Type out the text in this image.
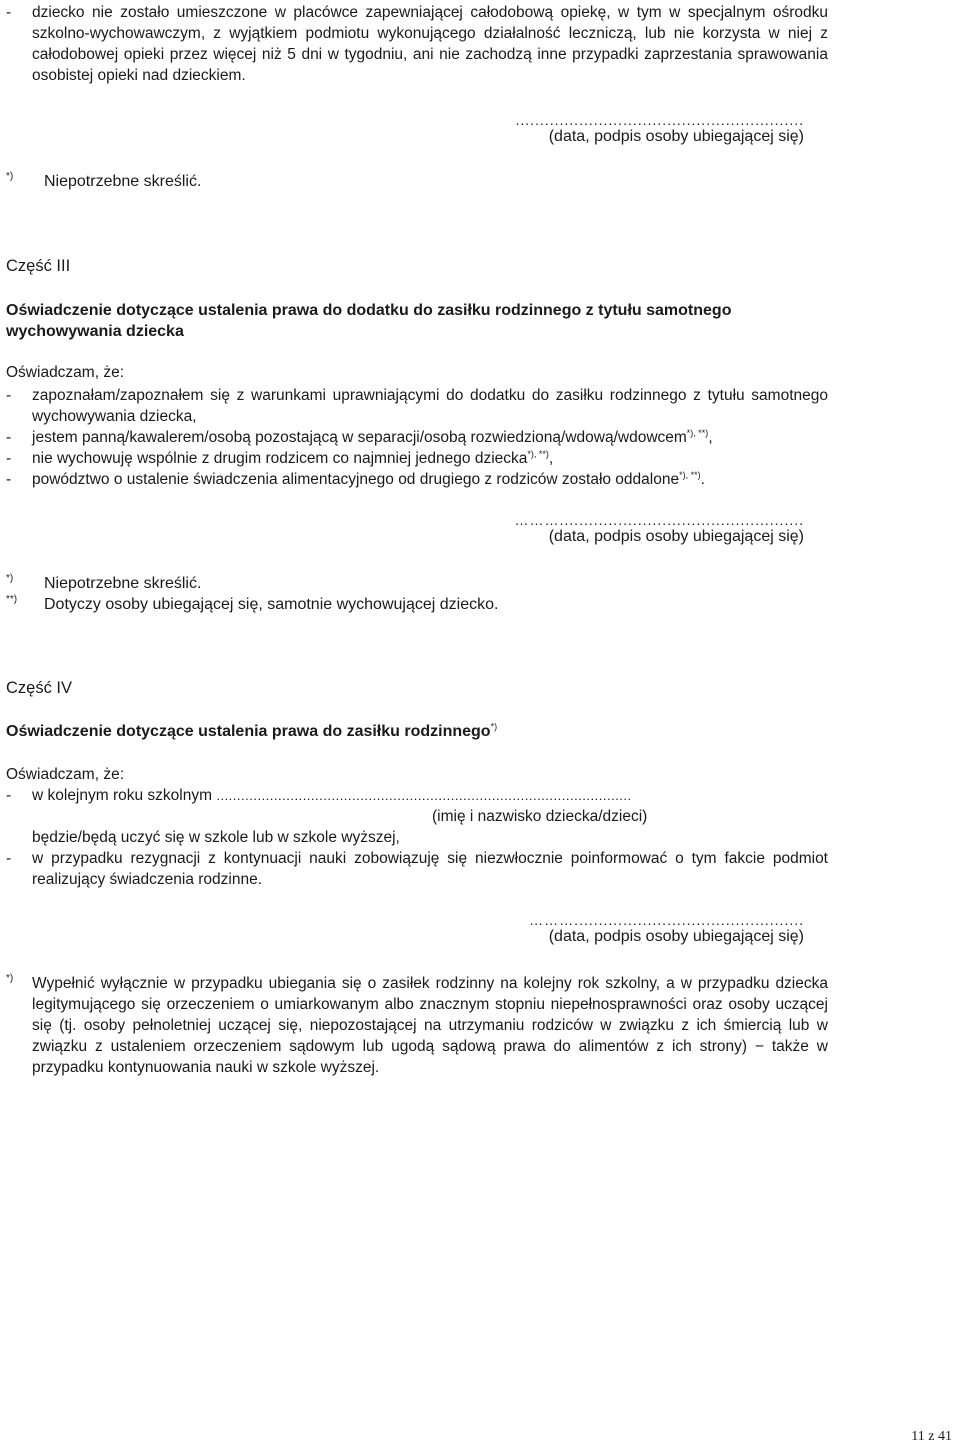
- dziecko nie zostało umieszczone w placówce zapewniającej całodobową opiekę, w tym w specjalnym ośrodku szkolno-wychowawczym, z wyjątkiem podmiotu wykonującego działalność leczniczą, lub nie korzysta w niej z całodobowej opieki przez więcej niż 5 dni w tygodniu, ani nie zachodzą inne przypadki zaprzestania sprawowania osobistej opieki nad dzieckiem.
...........................................................
(data, podpis osoby ubiegającej się)
*) Niepotrzebne skreślić.
Część III
Oświadczenie dotyczące ustalenia prawa do dodatku do zasiłku rodzinnego z tytułu samotnego wychowywania dziecka
Oświadczam, że:
- zapoznałam/zapoznałem się z warunkami uprawniającymi do dodatku do zasiłku rodzinnego z tytułu samotnego wychowywania dziecka,
- jestem panną/kawalerem/osobą pozostającą w separacji/osobą rozwiedzioną/wdową/wdowcem*), **),
- nie wychowuję wspólnie z drugim rodzicem co najmniej jednego dziecka*), **),
- powództwo o ustalenie świadczenia alimentacyjnego od drugiego z rodziców zostało oddalone*), **).
………..................................................
(data, podpis osoby ubiegającej się)
*) Niepotrzebne skreślić.
**) Dotyczy osoby ubiegającej się, samotnie wychowującej dziecko.
Część IV
Oświadczenie dotyczące ustalenia prawa do zasiłku rodzinnego*)
Oświadczam, że:
- w kolejnym roku szkolnym .....................................................................................................
(imię i nazwisko dziecka/dzieci)
będzie/będą uczyć się w szkole lub w szkole wyższej,
- w przypadku rezygnacji z kontynuacji nauki zobowiązuję się niezwłocznie poinformować o tym fakcie podmiot realizujący świadczenia rodzinne.
………...............................................
(data, podpis osoby ubiegającej się)
*) Wypełnić wyłącznie w przypadku ubiegania się o zasiłek rodzinny na kolejny rok szkolny, a w przypadku dziecka legitymującego się orzeczeniem o umiarkowanym albo znacznym stopniu niepełnosprawności oraz osoby uczącej się (tj. osoby pełnoletniej uczącej się, niepozostającej na utrzymaniu rodziców w związku z ich śmiercią lub w związku z ustaleniem orzeczeniem sądowym lub ugodą sądową prawa do alimentów z ich strony) − także w przypadku kontynuowania nauki w szkole wyższej.
11 z 41
